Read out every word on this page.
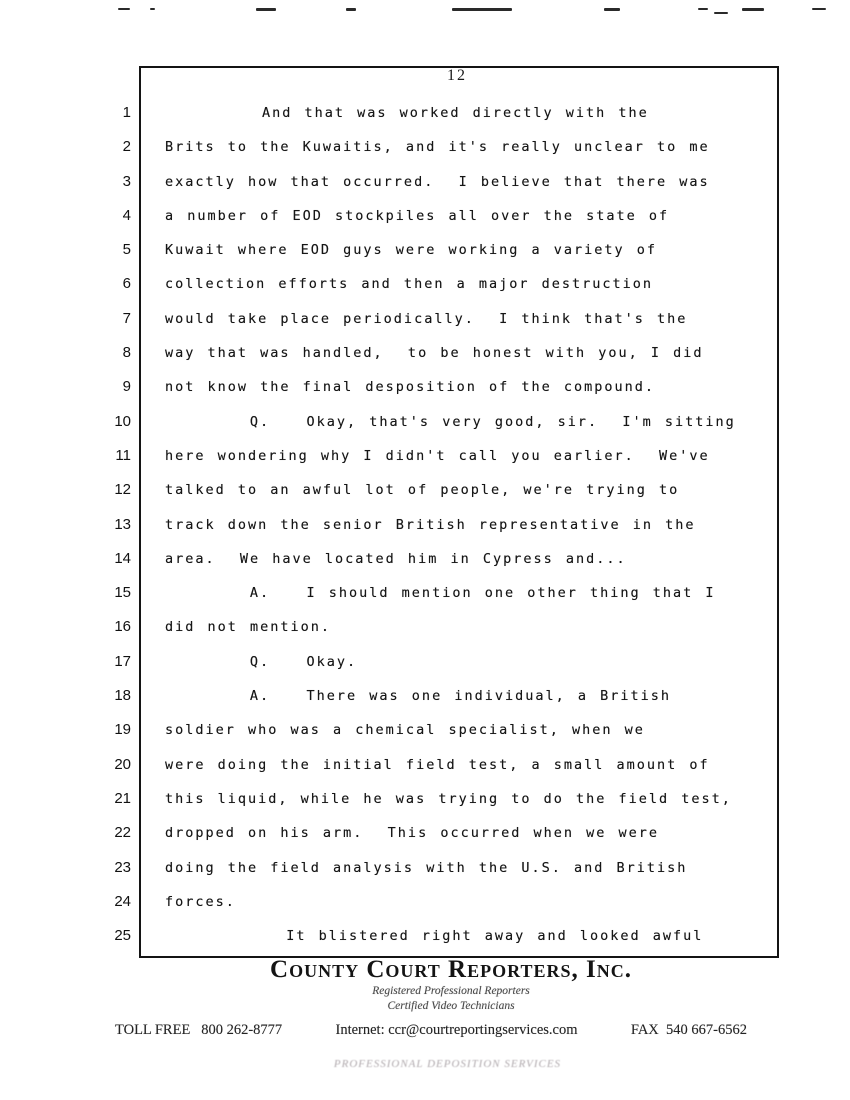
12
1	And that was worked directly with the
2	Brits to the Kuwaitis, and it's really unclear to me
3	exactly how that occurred.  I believe that there was
4	a number of EOD stockpiles all over the state of
5	Kuwait where EOD guys were working a variety of
6	collection efforts and then a major destruction
7	would take place periodically.  I think that's the
8	way that was handled,  to be honest with you, I did
9	not know the final desposition of the compound.
10	Q.   Okay, that's very good, sir.  I'm sitting
11	here wondering why I didn't call you earlier.  We've
12	talked to an awful lot of people, we're trying to
13	track down the senior British representative in the
14	area.  We have located him in Cypress and...
15	A.   I should mention one other thing that I
16	did not mention.
17	Q.   Okay.
18	A.   There was one individual, a British
19	soldier who was a chemical specialist, when we
20	were doing the initial field test, a small amount of
21	this liquid, while he was trying to do the field test,
22	dropped on his arm.  This occurred when we were
23	doing the field analysis with the U.S. and British
24	forces.
25	It blistered right away and looked awful
County Court Reporters, Inc.
Registered Professional Reporters
Certified Video Technicians
TOLL FREE   800 262-8777	Internet: ccr@courtreportingservices.com	FAX  540 667-6562
PROFESSIONAL DEPOSITION SERVICES
